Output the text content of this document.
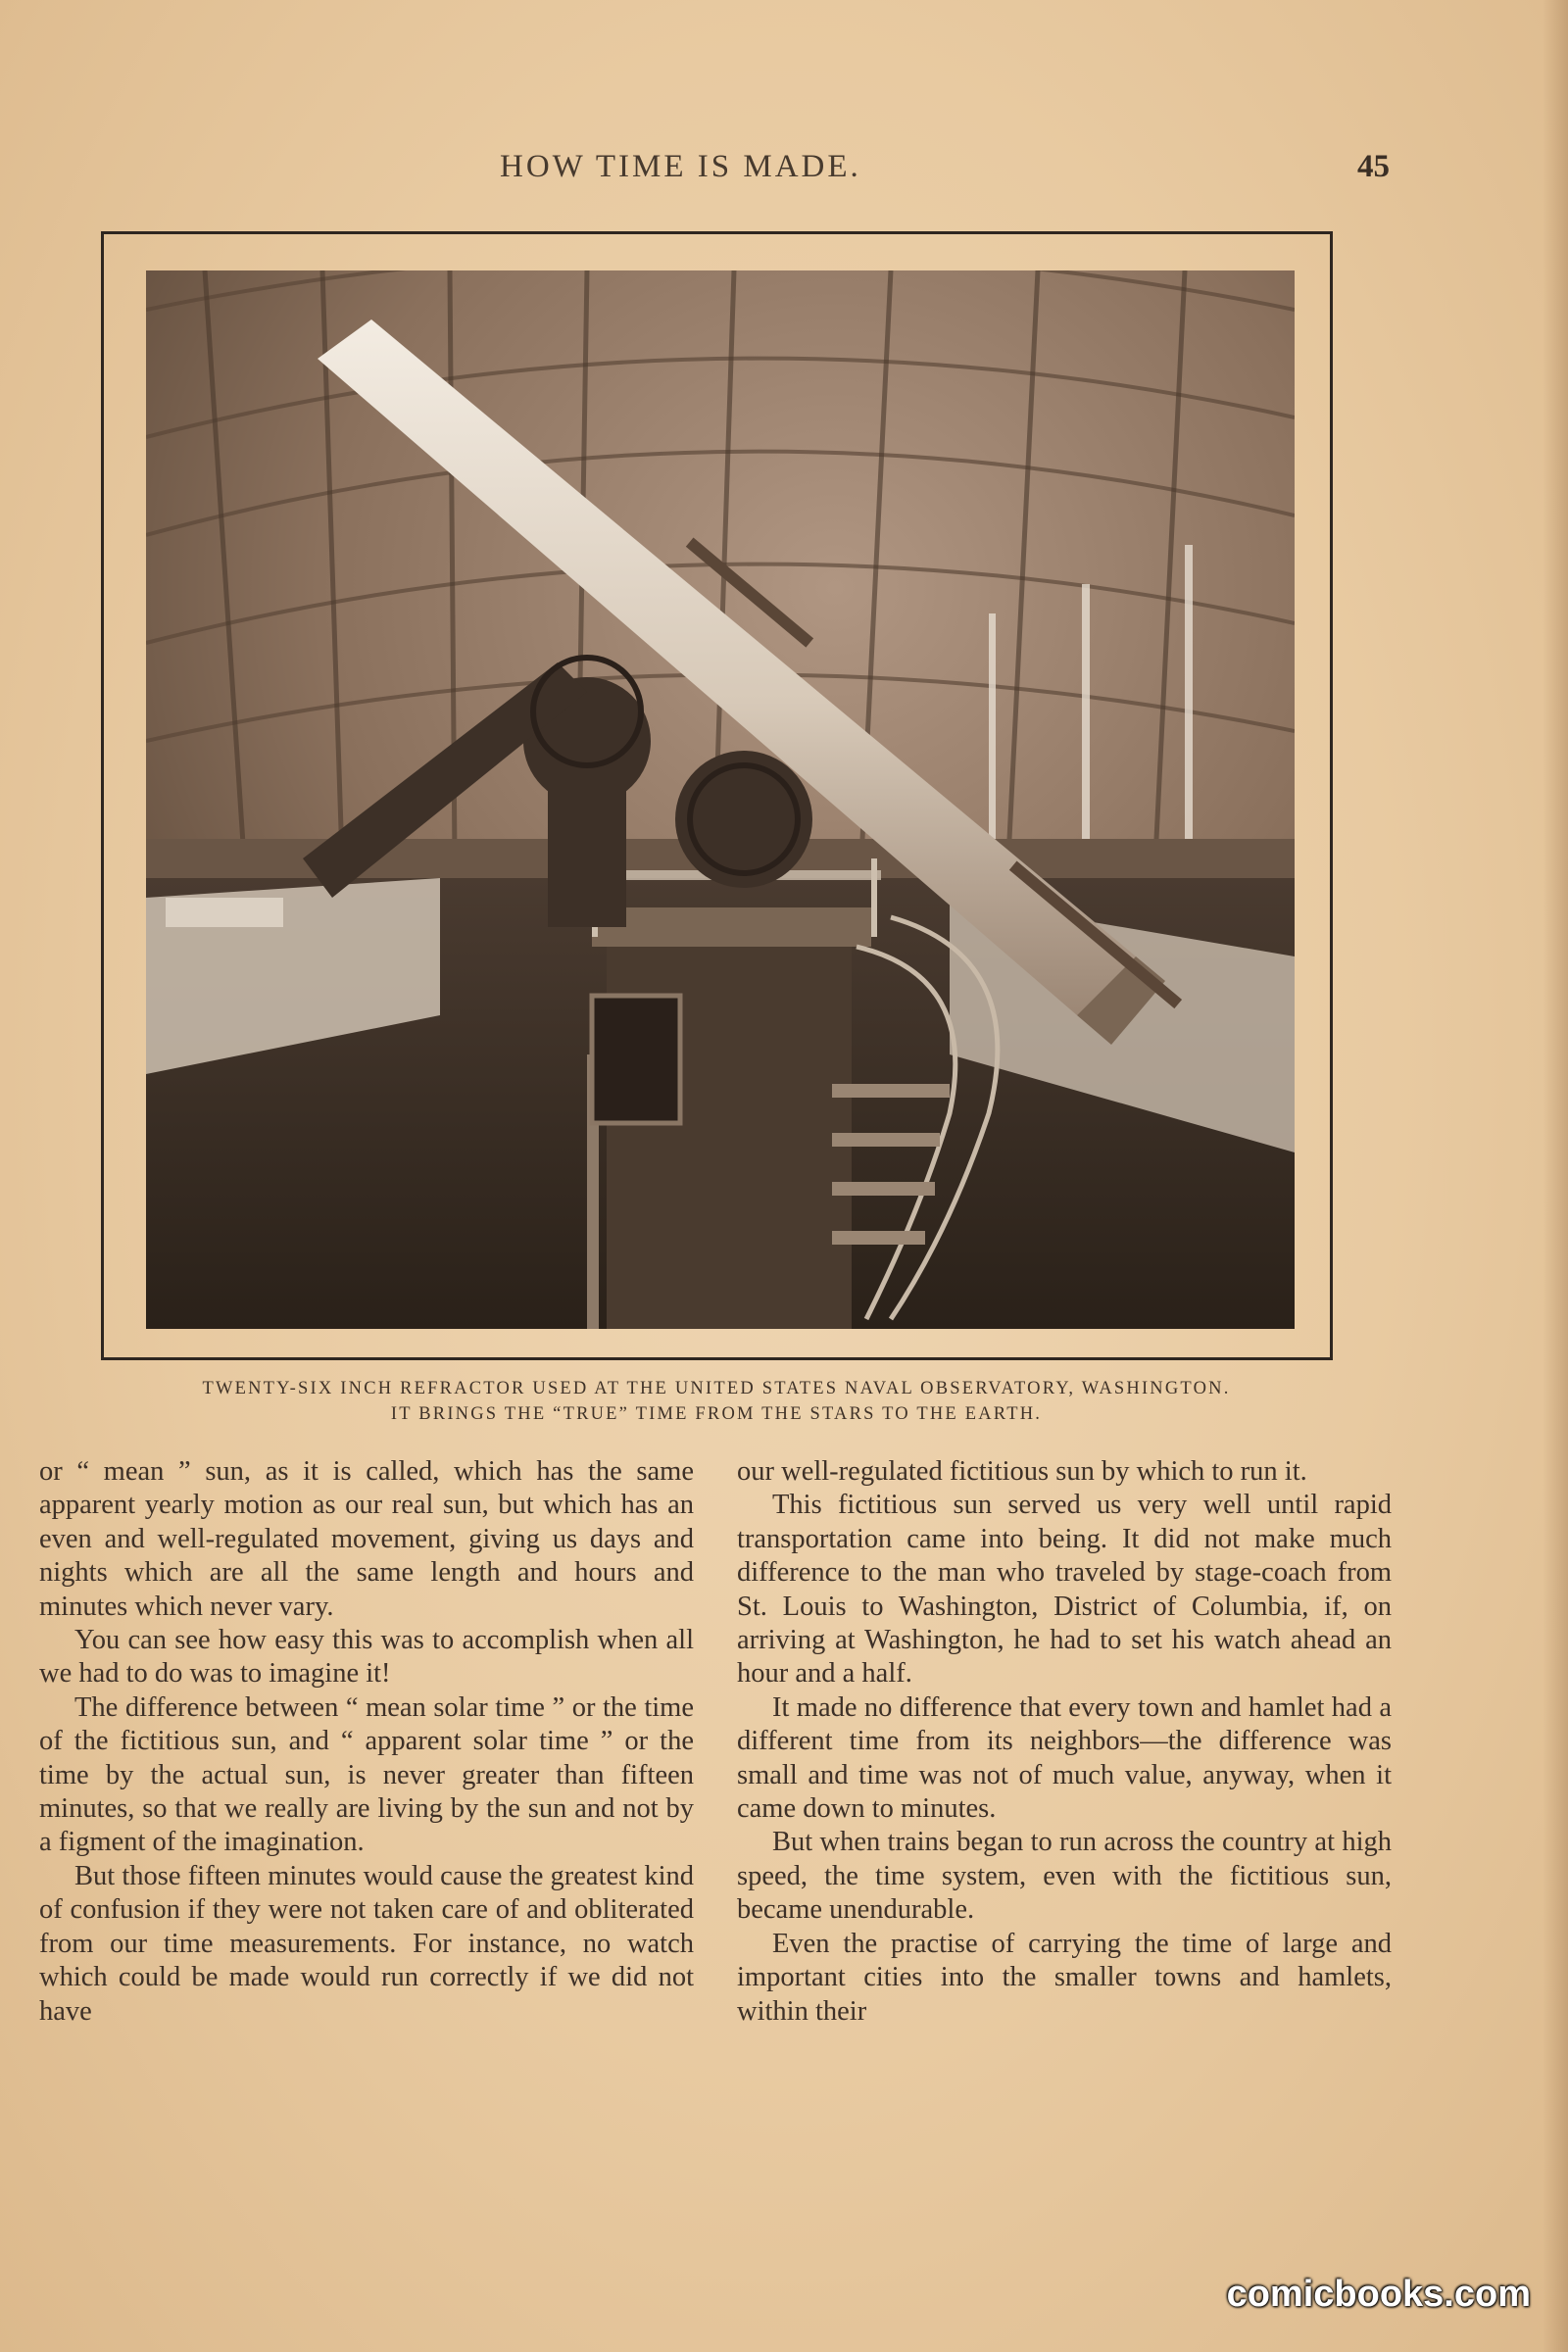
HOW TIME IS MADE.	45
TWENTY-SIX INCH REFRACTOR USED AT THE UNITED STATES NAVAL OBSERVATORY, WASHINGTON.
IT BRINGS THE “TRUE” TIME FROM THE STARS TO THE EARTH.

or “ mean ” sun, as it is called, which has the same apparent yearly motion as our real sun, but which has an even and well-regulated movement, giving us days and nights which are all the same length and hours and minutes which never vary.

You can see how easy this was to accomplish when all we had to do was to imagine it!

The difference between “ mean solar time ” or the time of the fictitious sun, and “ apparent solar time ” or the time by the actual sun, is never greater than fifteen minutes, so that we really are living by the sun and not by a figment of the imagination.

But those fifteen minutes would cause the greatest kind of confusion if they were not taken care of and obliterated from our time measurements. For instance, no watch which could be made would run correctly if we did not have

our well-regulated fictitious sun by which to run it.

This fictitious sun served us very well until rapid transportation came into being. It did not make much difference to the man who traveled by stage-coach from St. Louis to Washington, District of Columbia, if, on arriving at Washington, he had to set his watch ahead an hour and a half.

It made no difference that every town and hamlet had a different time from its neighbors—the difference was small and time was not of much value, anyway, when it came down to minutes.

But when trains began to run across the country at high speed, the time system, even with the fictitious sun, became unendurable.

Even the practise of carrying the time of large and important cities into the smaller towns and hamlets, within their

comicbooks.com
